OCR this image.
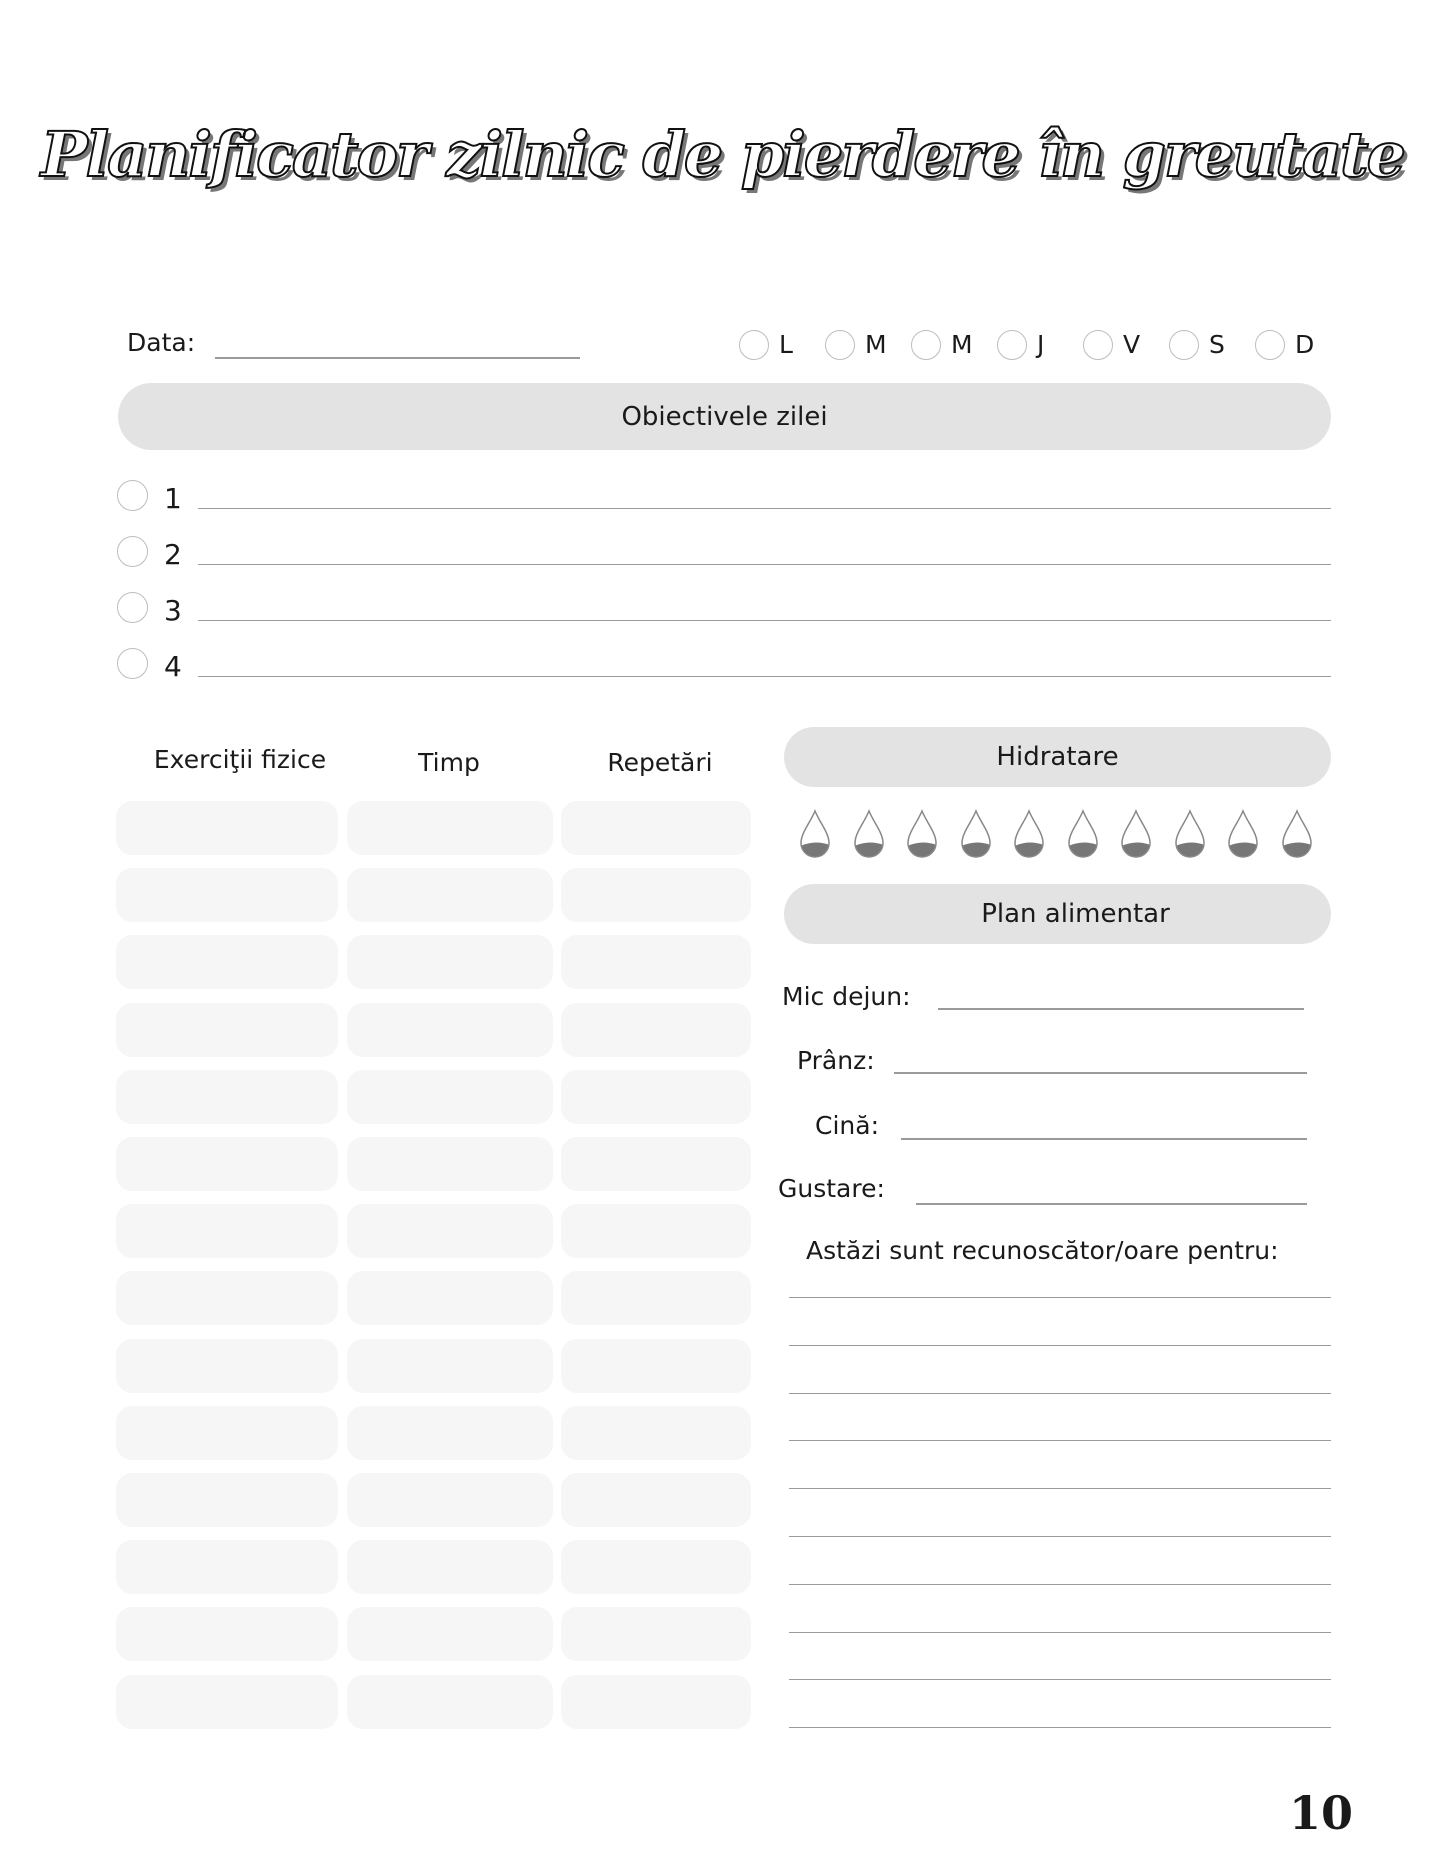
Planificator zilnic de pierdere în greutate
Data:	L	M	M	J	V	S	D
Obiectivele zilei
1
2
3
4
Exerciţii fizice	Timp	Repetări	Hidratare
Plan alimentar
Mic dejun:
Prânz:
Cină:
Gustare:
Astăzi sunt recunoscător/oare pentru:
10
